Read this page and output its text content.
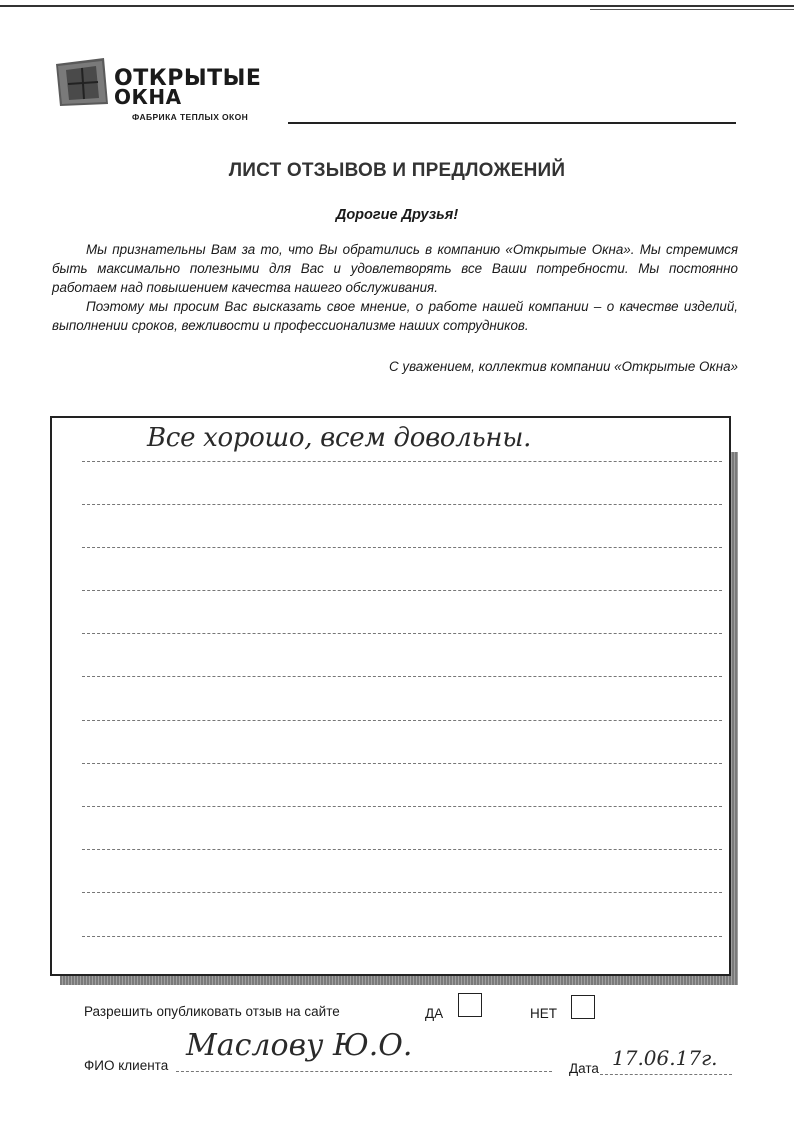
ОТКРЫТЫЕ
ОКНА
ФАБРИКА ТЕПЛЫХ ОКОН
ЛИСТ ОТЗЫВОВ И ПРЕДЛОЖЕНИЙ
Дорогие Друзья!

Мы признательны Вам за то, что Вы обратились в компанию «Открытые Окна». Мы стремимся быть максимально полезными для Вас и удовлетворять все Ваши потребности. Мы постоянно работаем над повышением качества нашего обслуживания.

Поэтому мы просим Вас высказать свое мнение, о работе нашей компании – о качестве изделий, выполнении сроков, вежливости и профессионализме наших сотрудников.

С уважением, коллектив компании «Открытые Окна»
Все хорошо, всем довольны.
Разрешить опубликовать отзыв на сайте	ДА	НЕТ
ФИО клиента
Маслову Ю.О.
Дата 17.06.17г.
